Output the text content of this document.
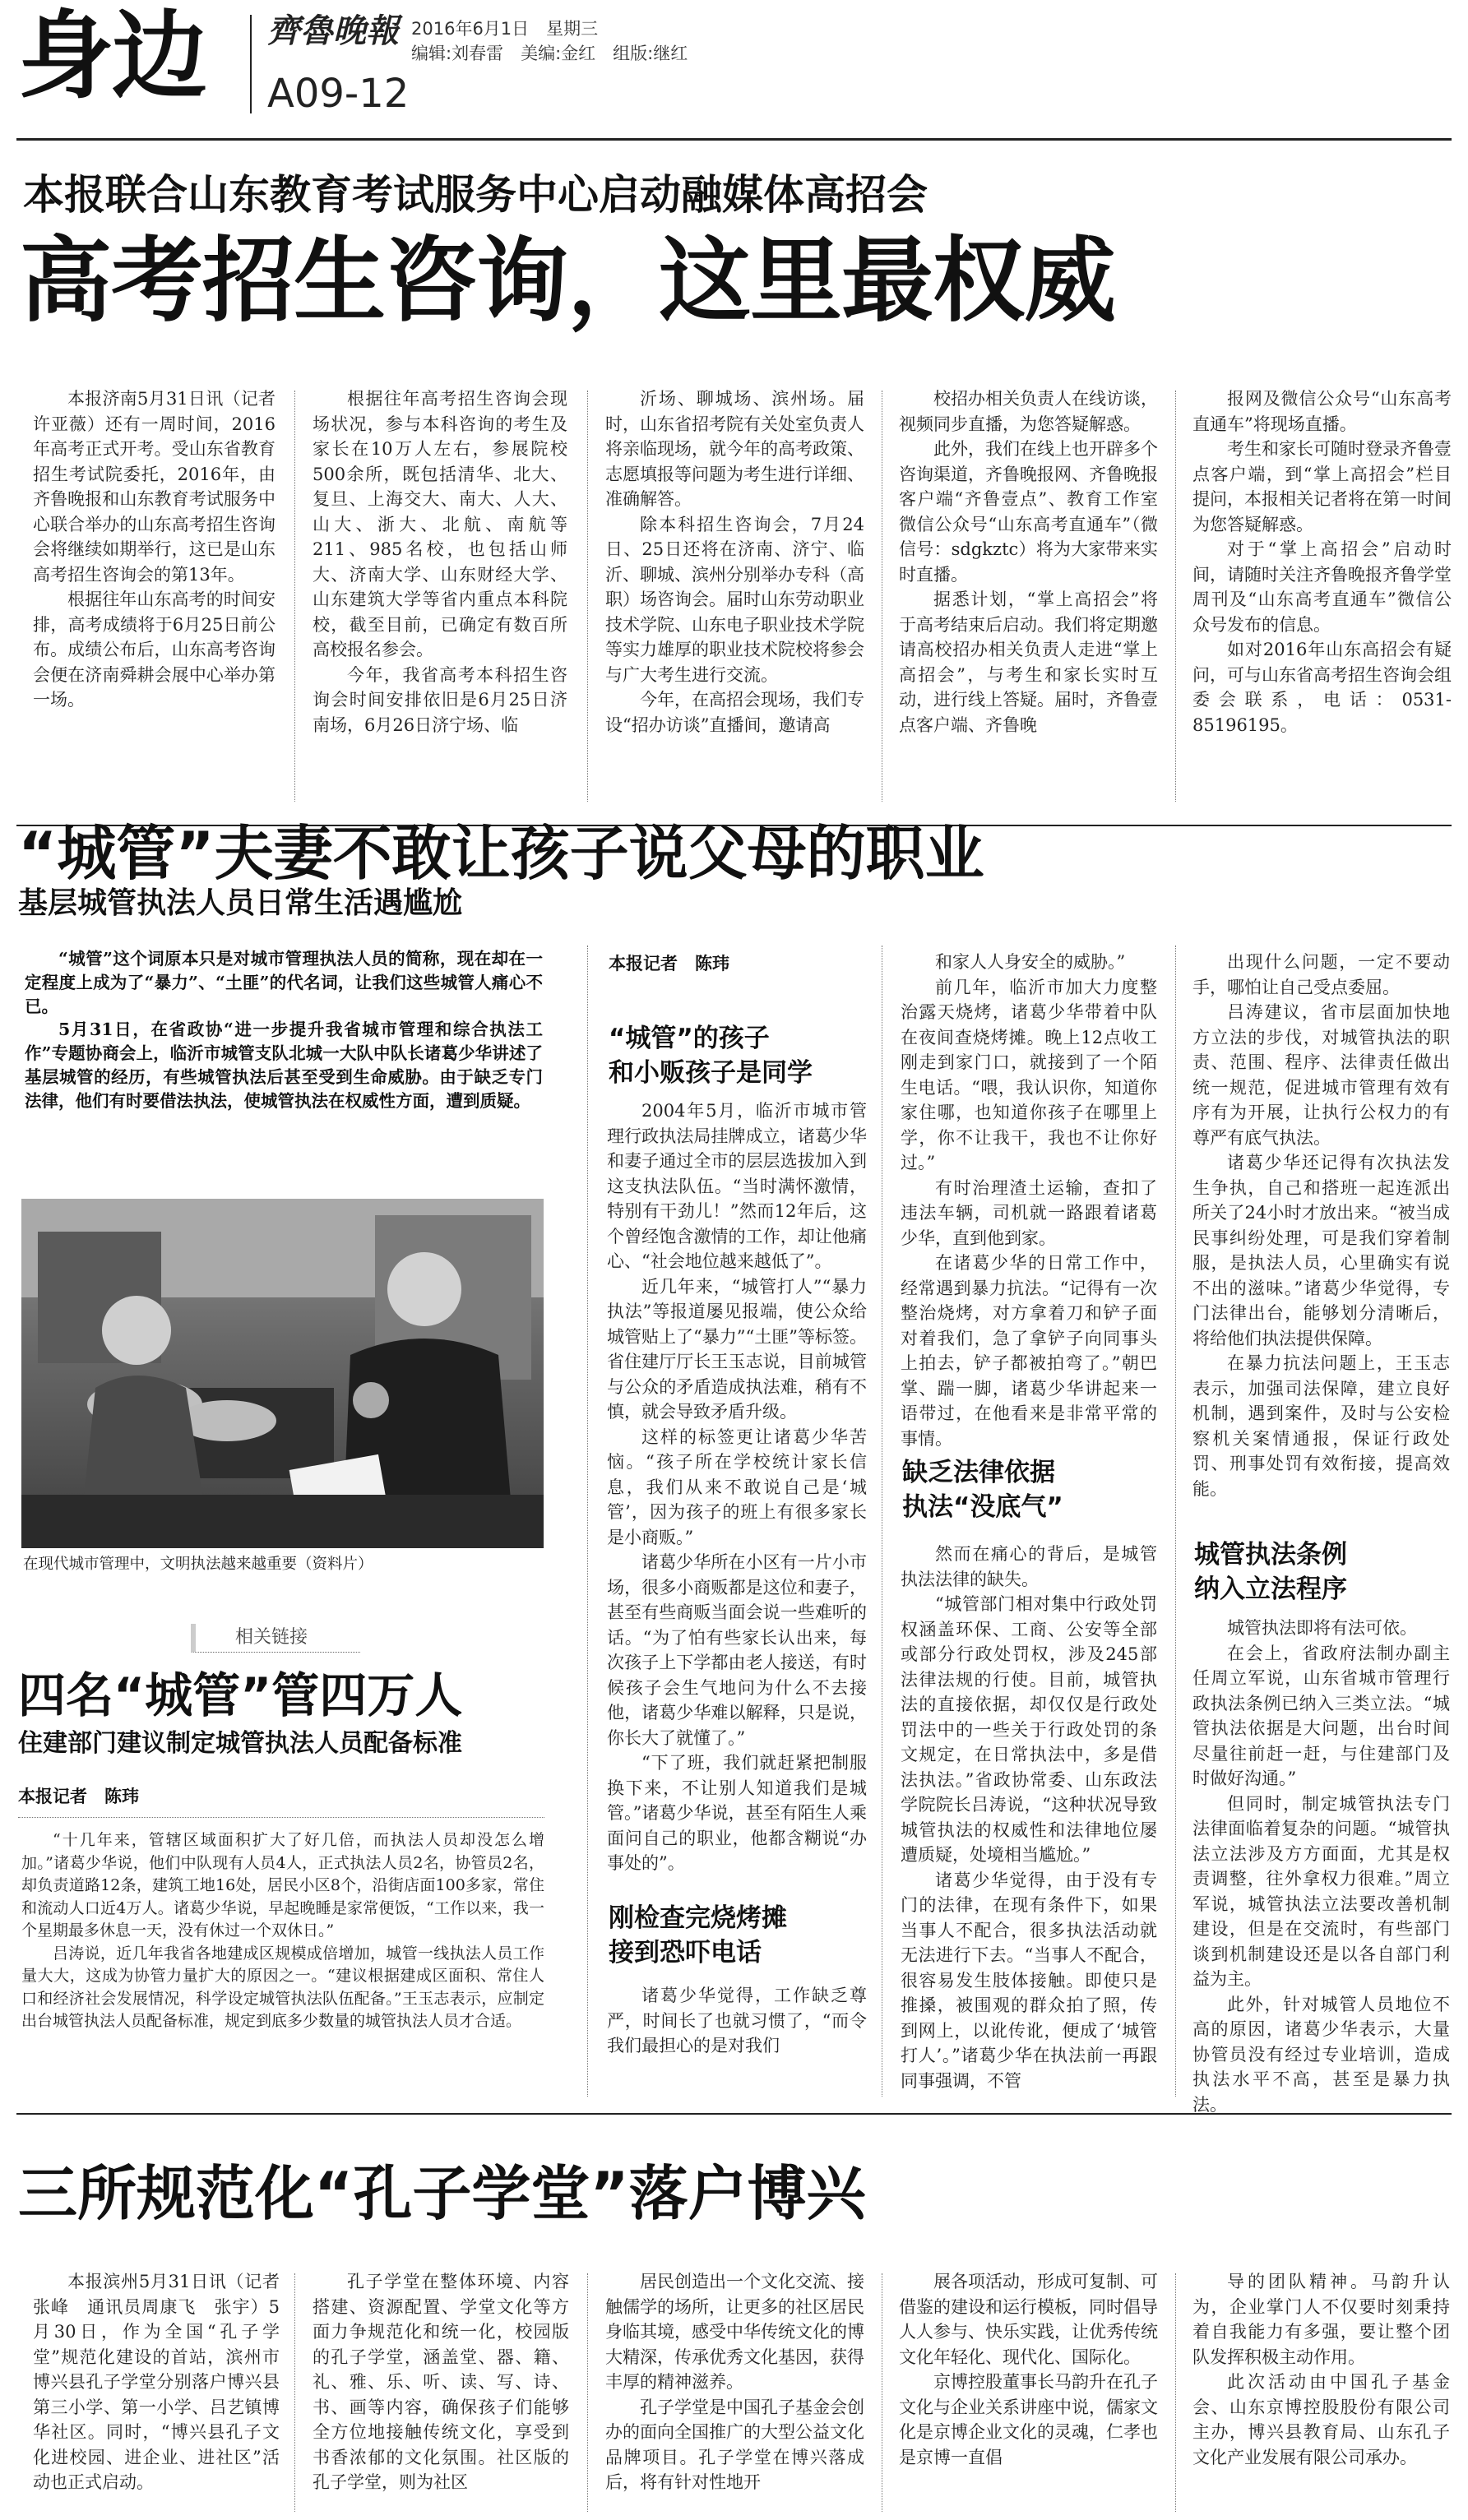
身边 齊魯晚報 2016年6月1日　星期三
编辑:刘春雷　美编:金红　组版:继红
A09-12
本报联合山东教育考试服务中心启动融媒体高招会
高考招生咨询，这里最权威

本报济南5月31日讯（记者许亚薇）还有一周时间，2016年高考正式开考。受山东省教育招生考试院委托，2016年，由齐鲁晚报和山东教育考试服务中心联合举办的山东高考招生咨询会将继续如期举行，这已是山东高考招生咨询会的第13年。

根据往年山东高考的时间安排，高考成绩将于6月25日前公布。成绩公布后，山东高考咨询会便在济南舜耕会展中心举办第一场。

根据往年高考招生咨询会现场状况，参与本科咨询的考生及家长在10万人左右，参展院校500余所，既包括清华、北大、复旦、上海交大、南大、人大、山大、浙大、北航、南航等211、985名校，也包括山师大、济南大学、山东财经大学、山东建筑大学等省内重点本科院校，截至目前，已确定有数百所高校报名参会。

今年，我省高考本科招生咨询会时间安排依旧是6月25日济南场，6月26日济宁场、临

沂场、聊城场、滨州场。届时，山东省招考院有关处室负责人将亲临现场，就今年的高考政策、志愿填报等问题为考生进行详细、准确解答。

除本科招生咨询会，7月24日、25日还将在济南、济宁、临沂、聊城、滨州分别举办专科（高职）场咨询会。届时山东劳动职业技术学院、山东电子职业技术学院等实力雄厚的职业技术院校将参会与广大考生进行交流。

今年，在高招会现场，我们专设“招办访谈”直播间，邀请高

校招办相关负责人在线访谈，视频同步直播，为您答疑解惑。

此外，我们在线上也开辟多个咨询渠道，齐鲁晚报网、齐鲁晚报客户端“齐鲁壹点”、教育工作室微信公众号“山东高考直通车”（微信号：sdgkztc）将为大家带来实时直播。

据悉计划，“掌上高招会”将于高考结束后启动。我们将定期邀请高校招办相关负责人走进“掌上高招会”，与考生和家长实时互动，进行线上答疑。届时，齐鲁壹点客户端、齐鲁晚

报网及微信公众号“山东高考直通车”将现场直播。

考生和家长可随时登录齐鲁壹点客户端，到“掌上高招会”栏目提问，本报相关记者将在第一时间为您答疑解惑。

对于“掌上高招会”启动时间，请随时关注齐鲁晚报齐鲁学堂周刊及“山东高考直通车”微信公众号发布的信息。

如对2016年山东高招会有疑问，可与山东省高考招生咨询会组委会联系，电话：0531-85196195。

“城管”夫妻不敢让孩子说父母的职业
基层城管执法人员日常生活遇尴尬

“城管”这个词原本只是对城市管理执法人员的简称，现在却在一定程度上成为了“暴力”、“土匪”的代名词，让我们这些城管人痛心不已。

5月31日，在省政协“进一步提升我省城市管理和综合执法工作”专题协商会上，临沂市城管支队北城一大队中队长诸葛少华讲述了基层城管的经历，有些城管执法后甚至受到生命威胁。由于缺乏专门法律，他们有时要借法执法，使城管执法在权威性方面，遭到质疑。

在现代城市管理中，文明执法越来越重要（资料片）
本报记者　陈玮
“城管”的孩子
和小贩孩子是同学

2004年5月，临沂市城市管理行政执法局挂牌成立，诸葛少华和妻子通过全市的层层选拔加入到这支执法队伍。“当时满怀激情，特别有干劲儿！”然而12年后，这个曾经饱含激情的工作，却让他痛心、“社会地位越来越低了”。

近几年来，“城管打人”“暴力执法”等报道屡见报端，使公众给城管贴上了“暴力”“土匪”等标签。省住建厅厅长王玉志说，目前城管与公众的矛盾造成执法难，稍有不慎，就会导致矛盾升级。

这样的标签更让诸葛少华苦恼。“孩子所在学校统计家长信息，我们从来不敢说自己是‘城管’，因为孩子的班上有很多家长是小商贩。”

诸葛少华所在小区有一片小市场，很多小商贩都是这位和妻子，甚至有些商贩当面会说一些难听的话。“为了怕有些家长认出来，每次孩子上下学都由老人接送，有时候孩子会生气地问为什么不去接他，诸葛少华难以解释，只是说，你长大了就懂了。”

“下了班，我们就赶紧把制服换下来，不让别人知道我们是城管。”诸葛少华说，甚至有陌生人乘面问自己的职业，他都含糊说“办事处的”。

刚检查完烧烤摊
接到恐吓电话

诸葛少华觉得，工作缺乏尊严，时间长了也就习惯了，“而令我们最担心的是对我们

和家人人身安全的威胁。”

前几年，临沂市加大力度整治露天烧烤，诸葛少华带着中队在夜间查烧烤摊。晚上12点收工刚走到家门口，就接到了一个陌生电话。“喂，我认识你，知道你家住哪，也知道你孩子在哪里上学，你不让我干，我也不让你好过。”

有时治理渣土运输，查扣了违法车辆，司机就一路跟着诸葛少华，直到他到家。

在诸葛少华的日常工作中，经常遇到暴力抗法。“记得有一次整治烧烤，对方拿着刀和铲子面对着我们，急了拿铲子向同事头上拍去，铲子都被拍弯了。”朝巴掌、踹一脚，诸葛少华讲起来一语带过，在他看来是非常平常的事情。

缺乏法律依据
执法“没底气”

然而在痛心的背后，是城管执法法律的缺失。

“城管部门相对集中行政处罚权涵盖环保、工商、公安等全部或部分行政处罚权，涉及245部法律法规的行使。目前，城管执法的直接依据，却仅仅是行政处罚法中的一些关于行政处罚的条文规定，在日常执法中，多是借法执法。”省政协常委、山东政法学院院长吕涛说，“这种状况导致城管执法的权威性和法律地位屡遭质疑，处境相当尴尬。”

诸葛少华觉得，由于没有专门的法律，在现有条件下，如果当事人不配合，很多执法活动就无法进行下去。“当事人不配合，很容易发生肢体接触。即使只是推搡，被围观的群众拍了照，传到网上，以讹传讹，便成了‘城管打人’。”诸葛少华在执法前一再跟同事强调，不管

出现什么问题，一定不要动手，哪怕让自己受点委屈。

吕涛建议，省市层面加快地方立法的步伐，对城管执法的职责、范围、程序、法律责任做出统一规范，促进城市管理有效有序有为开展，让执行公权力的有尊严有底气执法。

诸葛少华还记得有次执法发生争执，自己和搭班一起连派出所关了24小时才放出来。“被当成民事纠纷处理，可是我们穿着制服，是执法人员，心里确实有说不出的滋味。”诸葛少华觉得，专门法律出台，能够划分清晰后，将给他们执法提供保障。

在暴力抗法问题上，王玉志表示，加强司法保障，建立良好机制，遇到案件，及时与公安检察机关案情通报，保证行政处罚、刑事处罚有效衔接，提高效能。

城管执法条例
纳入立法程序

城管执法即将有法可依。

在会上，省政府法制办副主任周立军说，山东省城市管理行政执法条例已纳入三类立法。“城管执法依据是大问题，出台时间尽量往前赶一赶，与住建部门及时做好沟通。”

但同时，制定城管执法专门法律面临着复杂的问题。“城管执法立法涉及方方面面，尤其是权责调整，往外拿权力很难。”周立军说，城管执法立法要改善机制建设，但是在交流时，有些部门谈到机制建设还是以各自部门利益为主。

此外，针对城管人员地位不高的原因，诸葛少华表示，大量协管员没有经过专业培训，造成执法水平不高，甚至是暴力执法。

相关链接
四名“城管”管四万人
住建部门建议制定城管执法人员配备标准
本报记者　陈玮

“十几年来，管辖区域面积扩大了好几倍，而执法人员却没怎么增加。”诸葛少华说，他们中队现有人员4人，正式执法人员2名，协管员2名，却负责道路12条，建筑工地16处，居民小区8个，沿街店面100多家，常住和流动人口近4万人。诸葛少华说，早起晚睡是家常便饭，“工作以来，我一个星期最多休息一天，没有休过一个双休日。”

吕涛说，近几年我省各地建成区规模成倍增加，城管一线执法人员工作量大大，这成为协管力量扩大的原因之一。“建议根据建成区面积、常住人口和经济社会发展情况，科学设定城管执法队伍配备。”王玉志表示，应制定出台城管执法人员配备标准，规定到底多少数量的城管执法人员才合适。

三所规范化“孔子学堂”落户博兴

本报滨州5月31日讯（记者张峰　通讯员周康飞　张宇）5月30日，作为全国“孔子学堂”规范化建设的首站，滨州市博兴县孔子学堂分别落户博兴县第三小学、第一小学、吕艺镇博华社区。同时，“博兴县孔子文化进校园、进企业、进社区”活动也正式启动。

孔子学堂在整体环境、内容搭建、资源配置、学堂文化等方面力争规范化和统一化，校园版的孔子学堂，涵盖堂、器、籍、礼、雅、乐、听、读、写、诗、书、画等内容，确保孩子们能够全方位地接触传统文化，享受到书香浓郁的文化氛围。社区版的孔子学堂，则为社区

居民创造出一个文化交流、接触儒学的场所，让更多的社区居民身临其境，感受中华传统文化的博大精深，传承优秀文化基因，获得丰厚的精神滋养。

孔子学堂是中国孔子基金会创办的面向全国推广的大型公益文化品牌项目。孔子学堂在博兴落成后，将有针对性地开

展各项活动，形成可复制、可借鉴的建设和运行模板，同时倡导人人参与、快乐实践，让优秀传统文化年轻化、现代化、国际化。

京博控股董事长马韵升在孔子文化与企业关系讲座中说，儒家文化是京博企业文化的灵魂，仁孝也是京博一直倡

导的团队精神。马韵升认为，企业掌门人不仅要时刻秉持着自我能力有多强，要让整个团队发挥积极主动作用。

此次活动由中国孔子基金会、山东京博控股股份有限公司主办，博兴县教育局、山东孔子文化产业发展有限公司承办。
